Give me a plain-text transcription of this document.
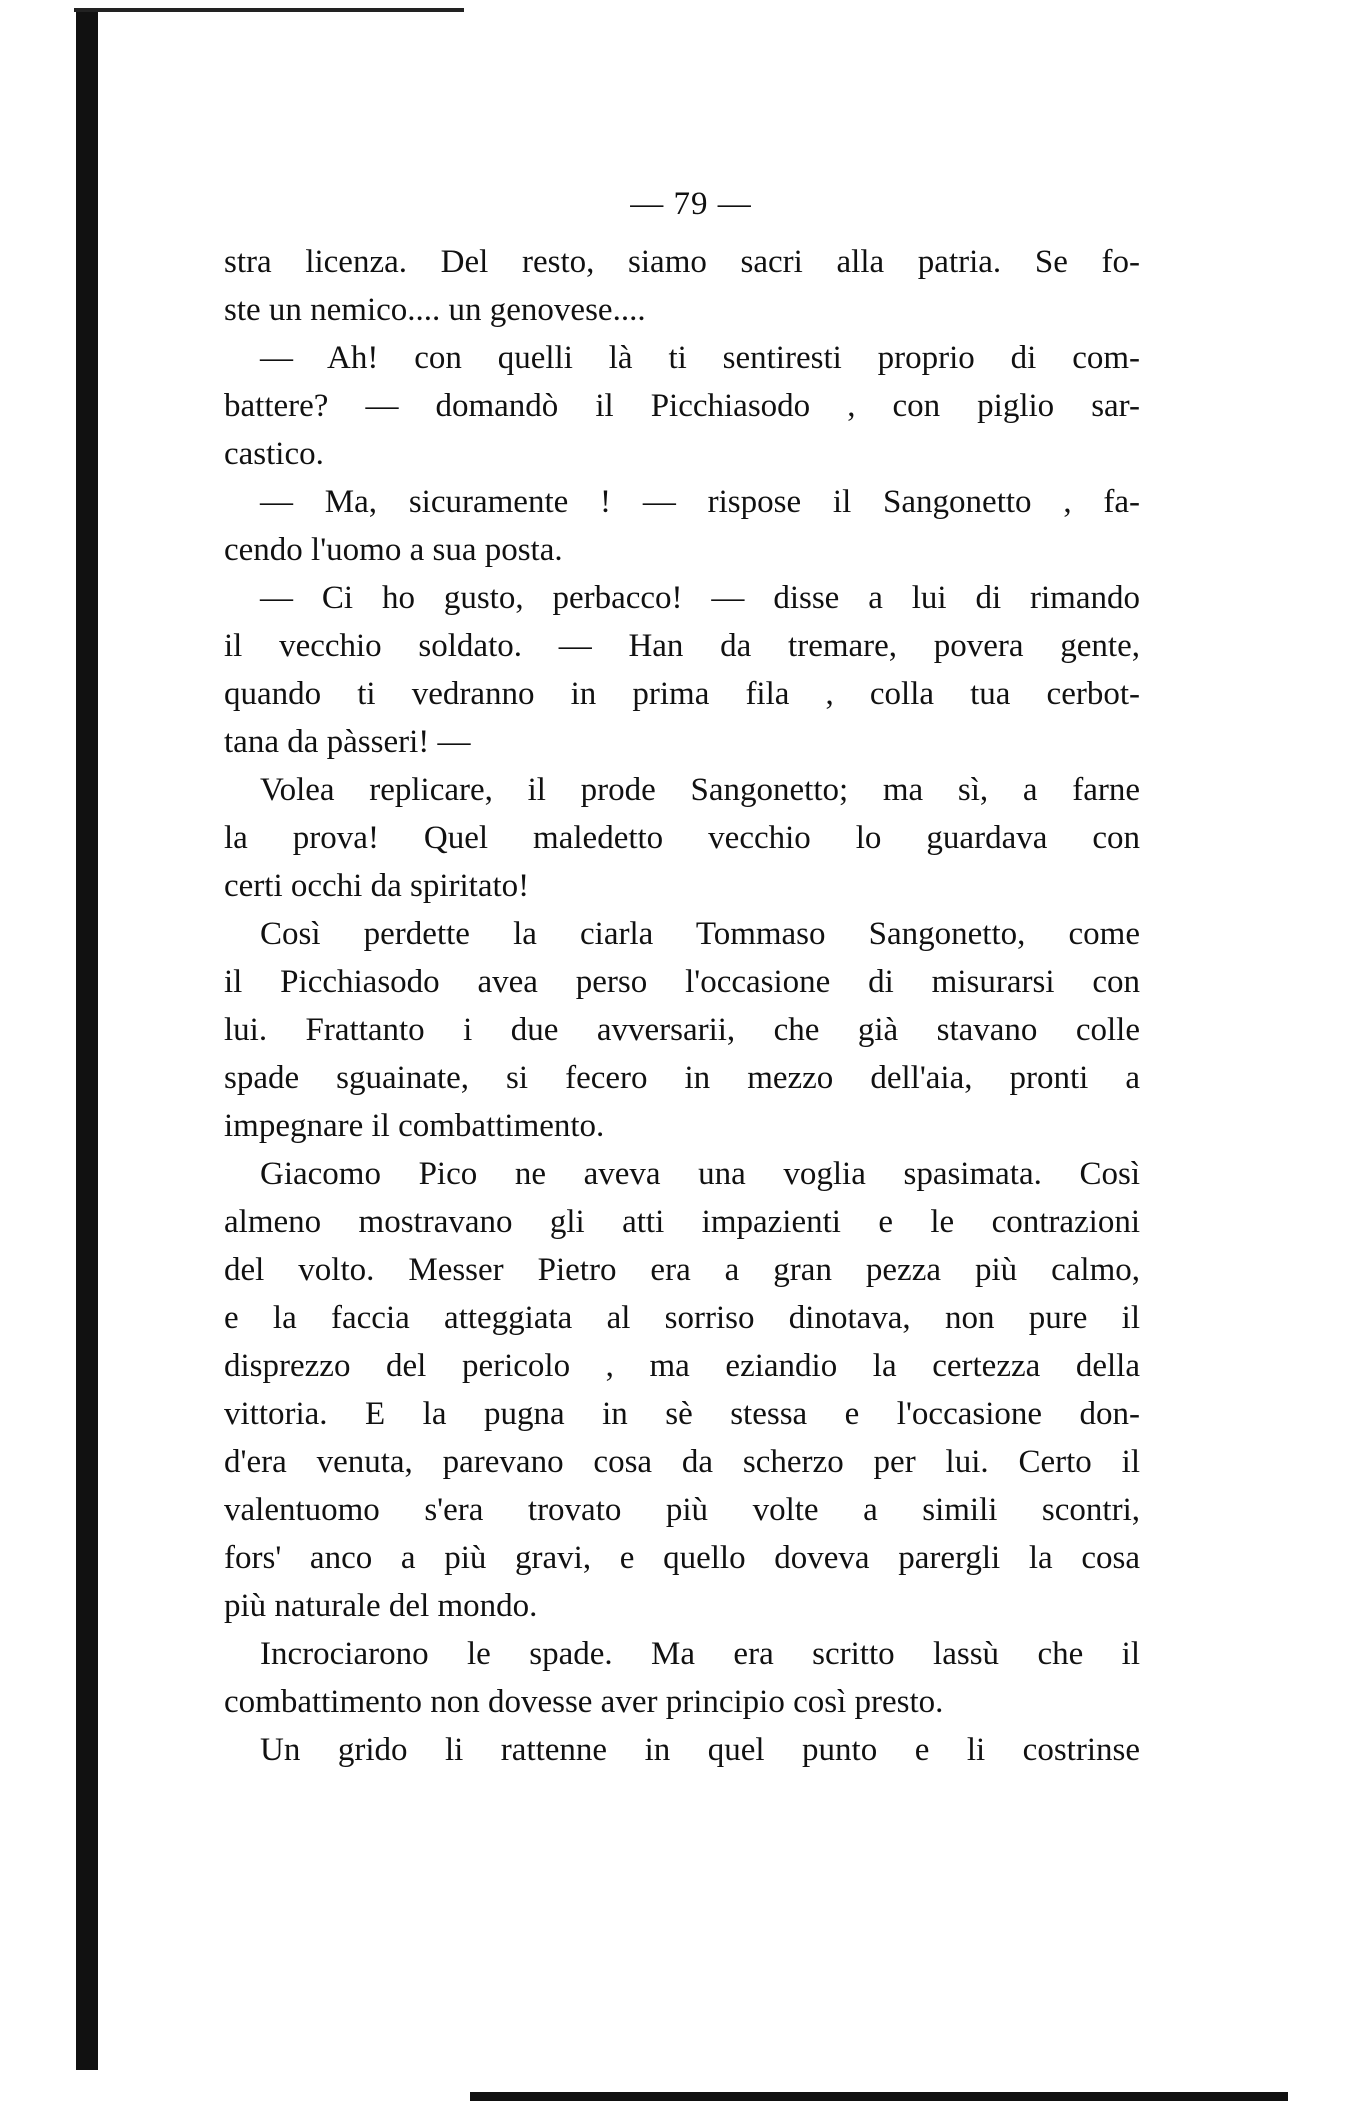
— 79 —
stra licenza. Del resto, siamo sacri alla patria. Se fo-
ste un nemico.... un genovese....
— Ah! con quelli là ti sentiresti proprio di com-
battere? — domandò il Picchiasodo , con piglio sar-
castico.
— Ma, sicuramente ! — rispose il Sangonetto , fa-
cendo l'uomo a sua posta.
— Ci ho gusto, perbacco! — disse a lui di rimando
il vecchio soldato. — Han da tremare, povera gente,
quando ti vedranno in prima fila , colla tua cerbot-
tana da pàsseri! —
Volea replicare, il prode Sangonetto; ma sì, a farne
la prova! Quel maledetto vecchio lo guardava con
certi occhi da spiritato!
Così perdette la ciarla Tommaso Sangonetto, come
il Picchiasodo avea perso l'occasione di misurarsi con
lui. Frattanto i due avversarii, che già stavano colle
spade sguainate, si fecero in mezzo dell'aia, pronti a
impegnare il combattimento.
Giacomo Pico ne aveva una voglia spasimata. Così
almeno mostravano gli atti impazienti e le contrazioni
del volto. Messer Pietro era a gran pezza più calmo,
e la faccia atteggiata al sorriso dinotava, non pure il
disprezzo del pericolo , ma eziandio la certezza della
vittoria. E la pugna in sè stessa e l'occasione don-
d'era venuta, parevano cosa da scherzo per lui. Certo il
valentuomo s'era trovato più volte a simili scontri,
fors' anco a più gravi, e quello doveva parergli la cosa
più naturale del mondo.
Incrociarono le spade. Ma era scritto lassù che il
combattimento non dovesse aver principio così presto.
Un grido li rattenne in quel punto e li costrinse
